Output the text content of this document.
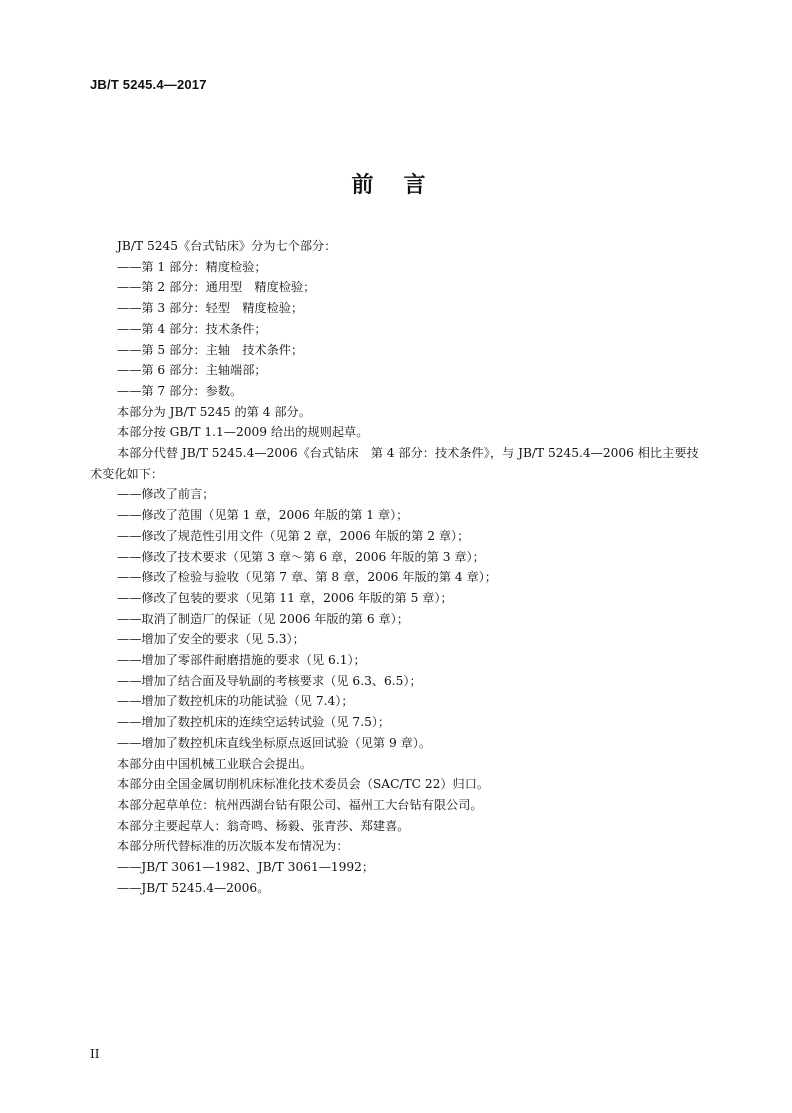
JB/T 5245.4—2017
前言

JB/T 5245《台式钻床》分为七个部分：

——第 1 部分：精度检验；

——第 2 部分：通用型　精度检验；

——第 3 部分：轻型　精度检验；

——第 4 部分：技术条件；

——第 5 部分：主轴　技术条件；

——第 6 部分：主轴端部；

——第 7 部分：参数。

本部分为 JB/T 5245 的第 4 部分。

本部分按 GB/T 1.1—2009 给出的规则起草。

本部分代替 JB/T 5245.4—2006《台式钻床　第 4 部分：技术条件》，与 JB/T 5245.4—2006 相比主要技术变化如下：

——修改了前言；

——修改了范围（见第 1 章，2006 年版的第 1 章）；

——修改了规范性引用文件（见第 2 章，2006 年版的第 2 章）；

——修改了技术要求（见第 3 章～第 6 章，2006 年版的第 3 章）；

——修改了检验与验收（见第 7 章、第 8 章，2006 年版的第 4 章）；

——修改了包装的要求（见第 11 章，2006 年版的第 5 章）；

——取消了制造厂的保证（见 2006 年版的第 6 章）；

——增加了安全的要求（见 5.3）；

——增加了零部件耐磨措施的要求（见 6.1）；

——增加了结合面及导轨副的考核要求（见 6.3、6.5）；

——增加了数控机床的功能试验（见 7.4）；

——增加了数控机床的连续空运转试验（见 7.5）；

——增加了数控机床直线坐标原点返回试验（见第 9 章）。

本部分由中国机械工业联合会提出。

本部分由全国金属切削机床标准化技术委员会（SAC/TC 22）归口。

本部分起草单位：杭州西湖台钻有限公司、福州工大台钻有限公司。

本部分主要起草人：翁奇鸣、杨毅、张青莎、郑建喜。

本部分所代替标准的历次版本发布情况为：

——JB/T 3061—1982、JB/T 3061—1992；

——JB/T 5245.4—2006。

II
